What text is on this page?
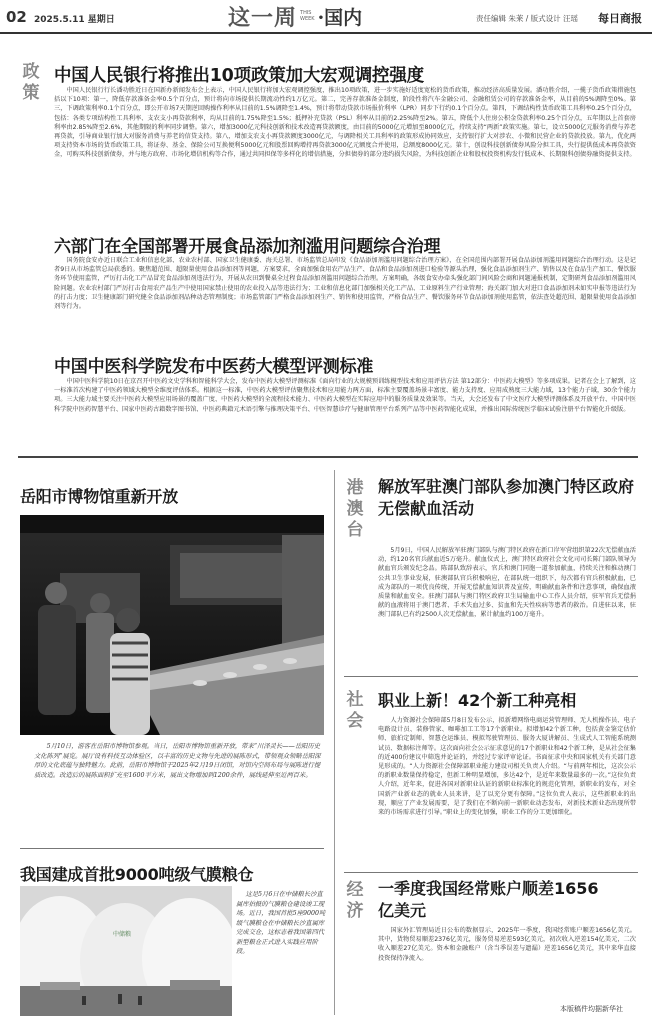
02 2025.5.11 星期日	这一周 THIS
WEEK ·国内	责任编辑 朱莱 / 版式设计 汪瑶 每日商报
政
策
中国人民银行将推出10项政策加大宏观调控强度
中国人民银行行长潘功胜近日在国新办新闻发布会上表示，中国人民银行将加大宏观调控强度，推出10项政策，进一步实施好适度宽松的货币政策，推动经济高质量发展。潘功胜介绍，一揽子货币政策措施包括以下10项：第一，降低存款准备金率0.5个百分点，预计将向市场提供长期流动性约1万亿元。第二，完善存款准备金制度，阶段性将汽车金融公司、金融租赁公司的存款准备金率，从目前的5%调降至0%。第三，下调政策利率0.1个百分点，即公开市场7天期逆回购操作利率从目前的1.5%调降至1.4%，预计将带动贷款市场报价利率（LPR）同步下行约0.1个百分点。第四，下调结构性货币政策工具利率0.25个百分点，包括：各类专项结构性工具利率、支农支小再贷款利率，均从目前的1.75%降至1.5%；抵押补充贷款（PSL）利率从目前的2.25%降至2%。第五，降低个人住房公积金贷款利率0.25个百分点，五年期以上首套房利率由2.85%降至2.6%，其他期限的利率同步调整。第六，增加3000亿元科技创新和技术改造再贷款额度，由目前的5000亿元增加至8000亿元，持续支持“两新”政策实施。第七，设立5000亿元服务消费与养老再贷款，引导商业银行加大对服务消费与养老的信贷支持。第八，增加支农支小再贷款额度3000亿元，与调降相关工具利率的政策形成协同效应，支持银行扩大对涉农、小微和民营企业的贷款投放。第九，优化两项支持资本市场的货币政策工具，将证券、基金、保险公司互换便利5000亿元和股票回购增持再贷款3000亿元额度合并使用，总额度8000亿元。第十，创设科技创新债券风险分担工具，央行提供低成本再贷款资金，可购买科技创新债券，并与地方政府、市场化增信机构等合作，通过共同担保等多样化的增信措施，分担债券的部分违约损失风险，为科技创新企业和股权投资机构发行低成本、长期限科创债券融资提供支持。
六部门在全国部署开展食品添加剂滥用问题综合治理
国务院食安办近日联合工业和信息化部、农业农村部、国家卫生健康委、海关总署、市场监管总局印发《食品添加剂滥用问题综合治理方案》，在全国范围内部署开展食品添加剂滥用问题综合治理行动。这是记者9日从市场监管总局获悉的。聚焦超范围、超限量使用食品添加剂等问题，方案要求，全面加强食用农产品生产、食品和食品添加剂进口检验等源头治理，强化食品添加剂生产、销售以及在食品生产加工、餐饮服务环节使用监管，严厉打击化工产品冒充食品添加剂违法行为，开展从农田到餐桌全过程食品添加剂滥用问题综合治理。方案明确，各级食安办牵头强化部门间风险会商和问题通报机制，定期研判食品添加剂滥用风险问题。农业农村部门严厉打击食用农产品生产中使用国家禁止使用的农业投入品等违法行为；工业和信息化部门加强相关化工产品、工业原料生产行业管理；海关部门加大对进口食品添加剂未如实申报等违法行为的打击力度；卫生健康部门研究健全食品添加剂品种动态管理制度；市场监管部门严格食品添加剂生产、销售和使用监管，严格食品生产、餐饮服务环节食品添加剂使用监管，依法查处超范围、超限量使用食品添加剂等行为。
中国中医科学院发布中医药大模型评测标准
中国中医科学院10日在京召开中医药文史学科和智能科学大会，发布中医药大模型评测标准《面向行业的大规模预训练模型技术和应用评估方法 第12部分：中医药大模型》等多项成果。记者在会上了解到，这一标准首次构建了中医药领域大模型全维度评估体系。根据这一标准，中医药大模型评估聚焦技术和应用能力两方面，标准主要覆盖场景丰富度、能力支持度、应用成熟度三大能力域，13个能力子域，30余个能力项。三大能力域主要关注中医药大模型应用场景的覆盖广度、中医药大模型的全流程技术能力、中医药大模型在实际应用中的服务质量及效果等。当天，大会还发布了中文医疗大模型评测体系及开放平台、中国中医科学院中医药智慧平台、国家中医药古籍数字图书馆、中医药典籍元术语引擎与推理决策平台、中医智慧诊疗与健康管理平台系列产品等中医药智能化成果，并推出国际传统医学临床试验注册平台智能化升级版。
岳阳市博物馆重新开放
5月10日，游客在岳阳市博物馆参观。当日，岳阳市博物馆重新开放，带来“川泽灵长——岳阳历史文化陈列”展览。展厅设有科技互动体验区，以丰富的历史文物与先进的展陈形式，带领观众领略岳阳深厚的文化底蕴与独特魅力。此前，岳阳市博物馆于2025年2月19日闭馆，对馆内空间布局与展陈进行提质改造。改造后的展陈面积扩充至1600平方米，展出文物增加到1200余件，展线延伸至近两百米。
我国建成首批9000吨级气膜粮仓
中储粮
这是5月6日在中储粮长沙直属库拍摄的气膜粮仓建设竣工现场。近日，我国首批5座9000吨级气膜粮仓在中储粮长沙直属库完成交仓，这标志着我国第四代新型粮仓正式进入实践应用阶段。
港
澳
台
解放军驻澳门部队参加澳门特区政府无偿献血活动
5月9日，中国人民解放军驻澳门部队与澳门特区政府在新口岸军营组织第22次无偿献血活动，约120名官兵献血近5万毫升。献血仪式上，澳门特区政府社会文化司司长陈门部队领导为献血官兵颁发纪念品。陈部队致辞表示，官兵和澳门同胞一道参加献血，持续关注和推动澳门公共卫生事业发展，驻澳部队官兵积极响应，在部队统一组织下，每次都有官兵积极献血，已成为部队的一项优良传统，开展无偿献血知识普及宣传，明确献血条件和注意事项，确保血液质量和献血安全。驻澳门部队与澳门特区政府卫生局输血中心工作人员介绍，驻军官兵无偿捐献的血液将用于澳门患者、手术失血过多、贫血和先天性疾病等患者的救治。自进驻以来，驻澳门部队已有约2500人次无偿献血，累计献血约100万毫升。
社
会
职业上新！42个新工种亮相
人力资源社会保障部5月8日发布公示，拟新增网络电商运营管理师、无人机操作员、电子电路设计员、装修管家、咖啡加工工等17个新职业。拟增加42个新工种，包括黄金鉴定估价师、旅拍定制师、智慧仓运维员、模拟驾驶管理员、服务大厦讲解员、生成式人工智能系统测试员、数据标注师等。这次面向社会公示征求意见的17个新职业和42个新工种，是从社会征集的近400份建议中筛选并论证的，并经过专家评审论证。书面征求中央和国家机关有关部门意见形成的。“人力资源社会保障部职业能力建设司相关负责人介绍。“与前两年相比，这次公示的新职业数量保持稳定，但新工种明显增加，多达42个，是近年来数量最多的一次。”这位负责人介绍，近年来，促进各国对新职业认证的新职业标准化的规范化管理，新职业的发布，对全国新产业新业态的就业人员来讲，是了以充分更有保障。”这位负责人表示，这些新职业的出现，顺应了产业发展需要，是了我们在不断向前一新职业动态发布，对新技术新业态出现所带来的市场需求进行引导。”职业上的变化加强，职业工作的分工更加细化。
经
济
一季度我国经常账户顺差1656亿美元
国家外汇管理局近日公布的数据显示，2025年一季度，我国经常账户顺差1656亿美元。其中，货物贸易顺差2376亿美元，服务贸易逆差593亿美元，初次收入逆差154亿美元，二次收入顺差27亿美元。资本和金融账户（含当季误差与遗漏）逆差1656亿美元，其中来华直接投资保持净流入。
本版稿件均据新华社
